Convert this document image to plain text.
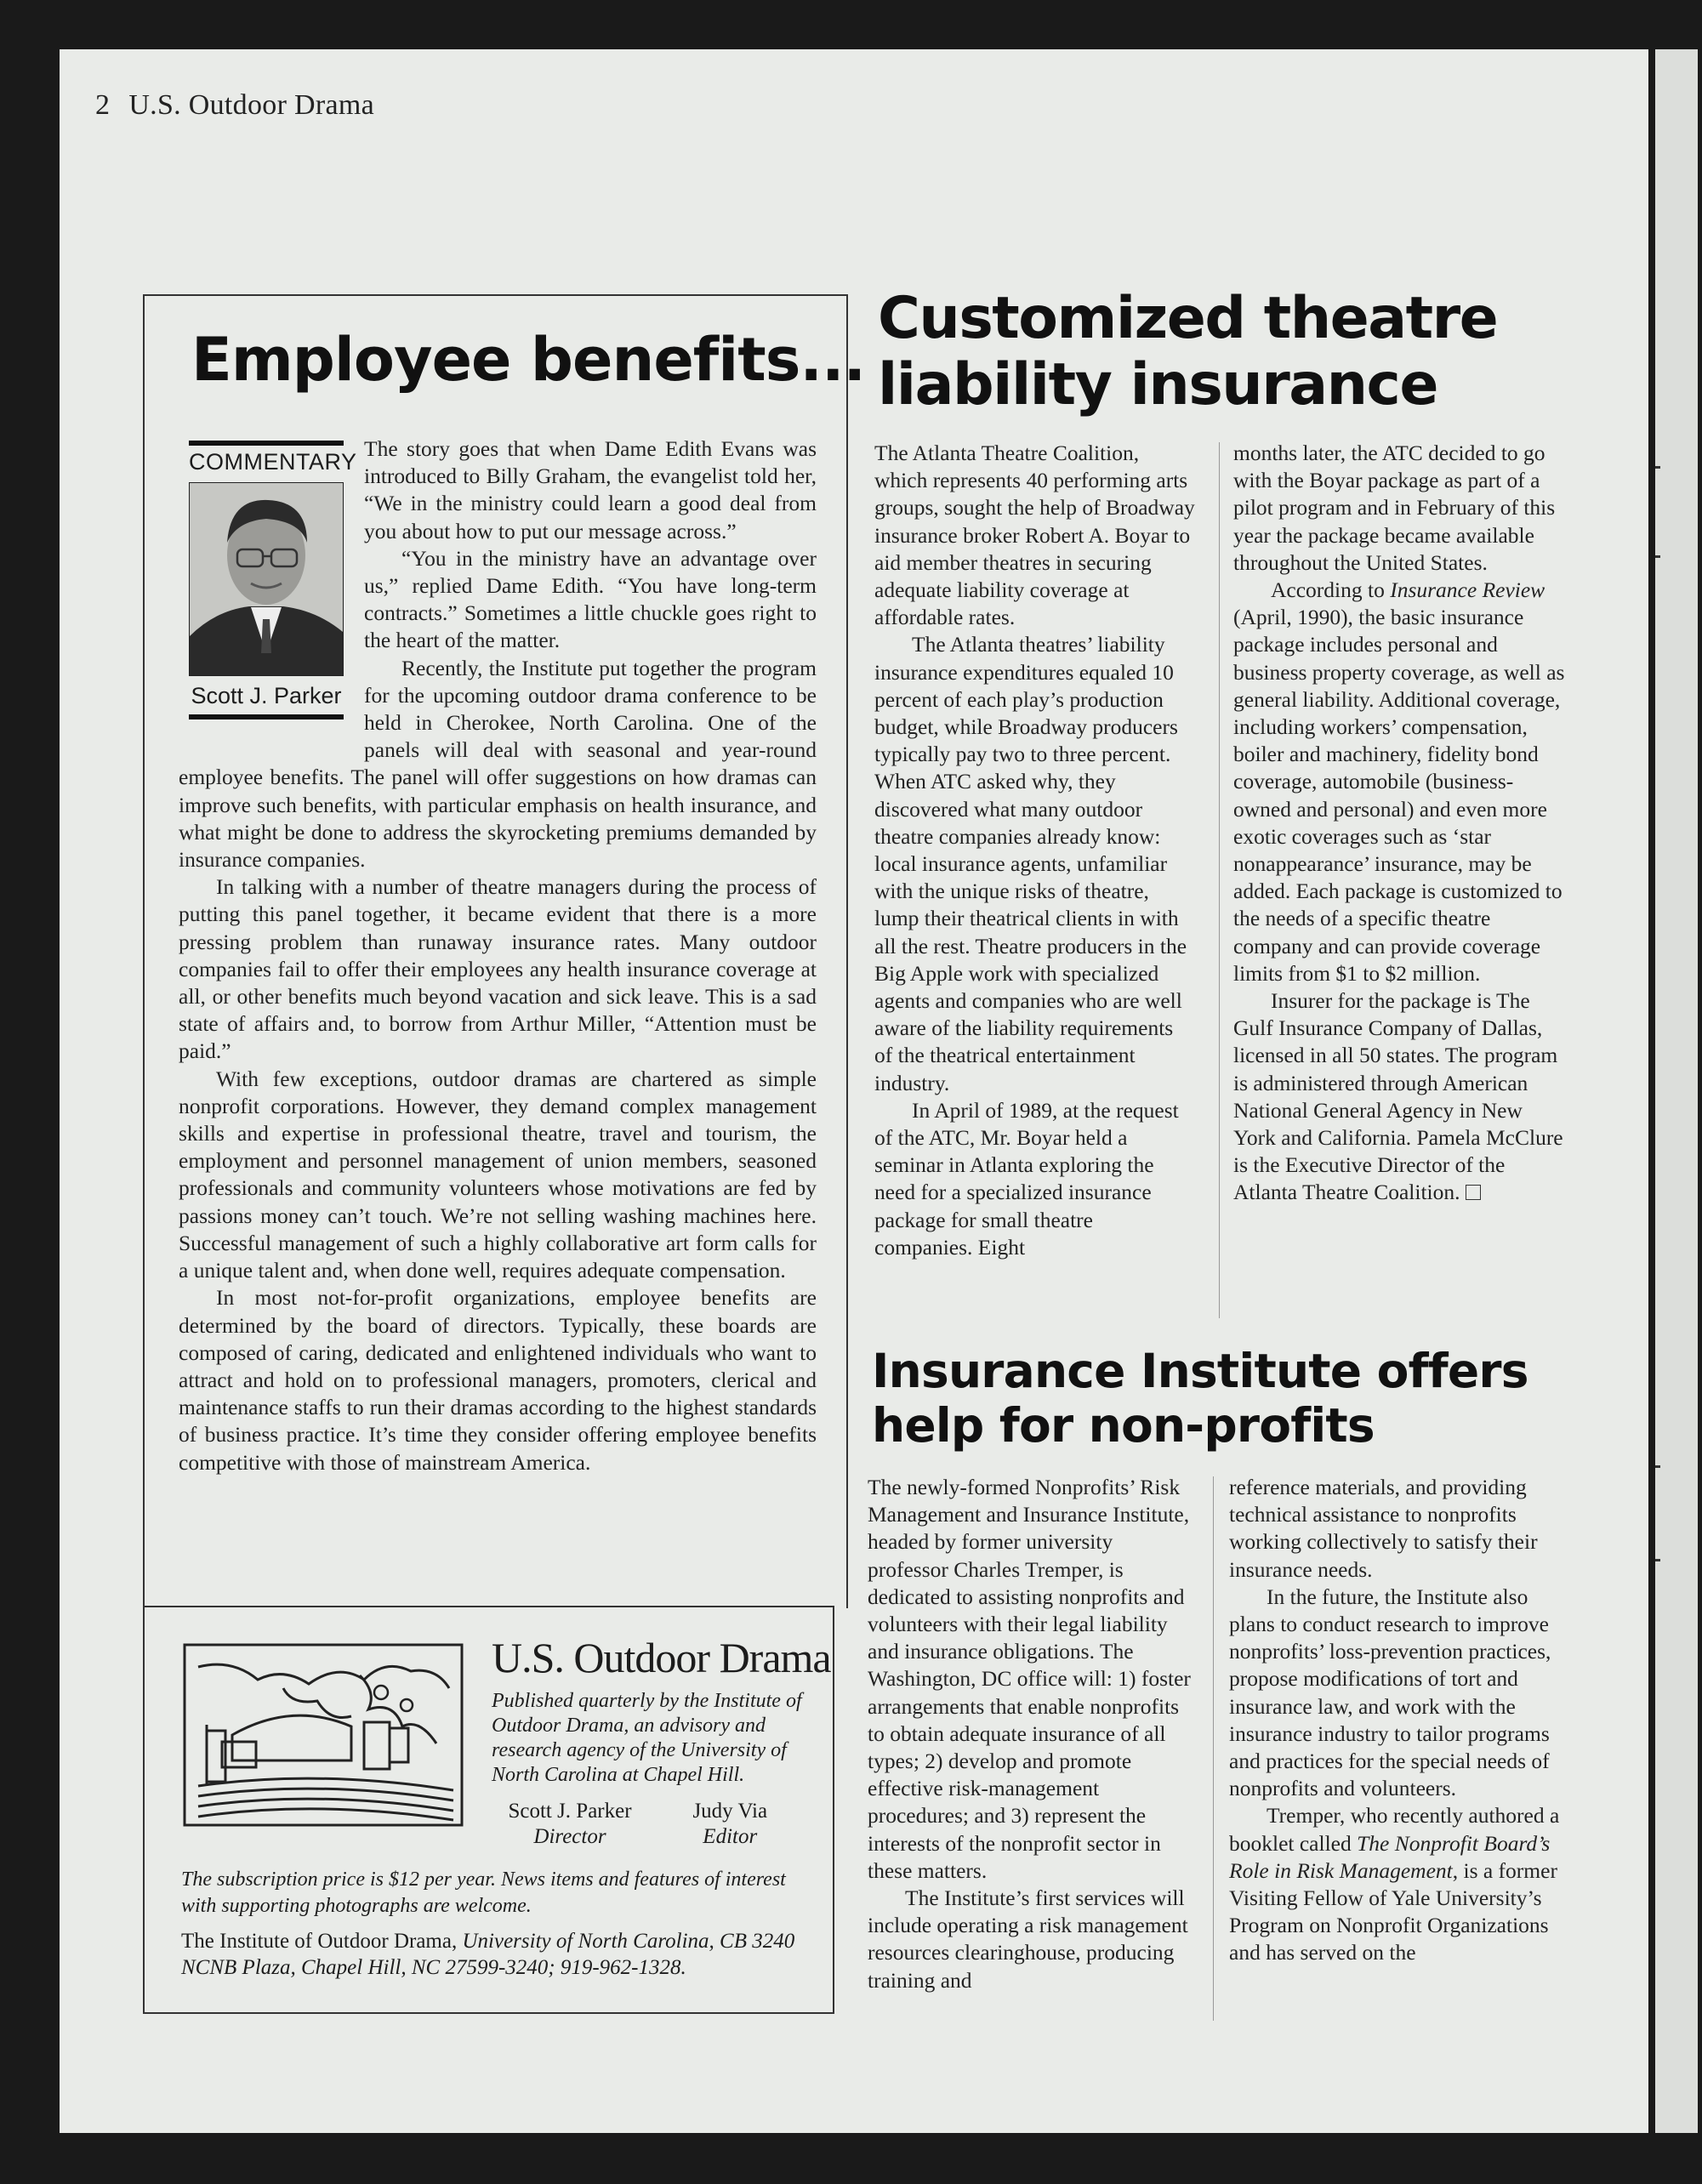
2 U.S. Outdoor Drama
Employee benefits...
COMMENTARY
Scott J. Parker

The story goes that when Dame Edith Evans was introduced to Billy Graham, the evangelist told her, “We in the ministry could learn a good deal from you about how to put our message across.”

“You in the ministry have an advantage over us,” replied Dame Edith. “You have long-term contracts.” Sometimes a little chuckle goes right to the heart of the matter.

Recently, the Institute put together the program for the upcoming outdoor drama conference to be held in Cherokee, North Carolina. One of the panels will deal with seasonal and year-round employee benefits. The panel will offer suggestions on how dramas can improve such benefits, with particular emphasis on health insurance, and what might be done to address the skyrocketing premiums demanded by insurance companies.

In talking with a number of theatre managers during the process of putting this panel together, it became evident that there is a more pressing problem than runaway insurance rates. Many outdoor companies fail to offer their employees any health insurance coverage at all, or other benefits much beyond vacation and sick leave. This is a sad state of affairs and, to borrow from Arthur Miller, “Attention must be paid.”

With few exceptions, outdoor dramas are chartered as simple nonprofit corporations. However, they demand complex management skills and expertise in professional theatre, travel and tourism, the employment and personnel management of union members, seasoned professionals and community volunteers whose motivations are fed by passions money can’t touch. We’re not selling washing machines here. Successful management of such a highly collaborative art form calls for a unique talent and, when done well, requires adequate compensation.

In most not-for-profit organizations, employee benefits are determined by the board of directors. Typically, these boards are composed of caring, dedicated and enlightened individuals who want to attract and hold on to professional managers, promoters, clerical and maintenance staffs to run their dramas according to the highest standards of business practice. It’s time they consider offering employee benefits competitive with those of mainstream America.

U.S. Outdoor Drama
Published quarterly by the Institute of Outdoor Drama, an advisory and research agency of the University of North Carolina at Chapel Hill.
Scott J. Parker
Director

Judy Via
Editor
The subscription price is $12 per year. News items and features of interest with supporting photographs are welcome.
The Institute of Outdoor Drama, University of North Carolina, CB 3240 NCNB Plaza, Chapel Hill, NC 27599-3240; 919-962-1328.
Customized theatre liability insurance

The Atlanta Theatre Coalition, which represents 40 performing arts groups, sought the help of Broadway insurance broker Robert A. Boyar to aid member theatres in securing adequate liability coverage at affordable rates.

The Atlanta theatres’ liability insurance expenditures equaled 10 percent of each play’s production budget, while Broadway producers typically pay two to three percent. When ATC asked why, they discovered what many outdoor theatre companies already know: local insurance agents, unfamiliar with the unique risks of theatre, lump their theatrical clients in with all the rest. Theatre producers in the Big Apple work with specialized agents and companies who are well aware of the liability requirements of the theatrical entertainment industry.

In April of 1989, at the request of the ATC, Mr. Boyar held a seminar in Atlanta exploring the need for a specialized insurance package for small theatre companies. Eight

months later, the ATC decided to go with the Boyar package as part of a pilot program and in February of this year the package became available throughout the United States.

According to Insurance Review (April, 1990), the basic insurance package includes personal and business property coverage, as well as general liability. Additional coverage, including workers’ compensation, boiler and machinery, fidelity bond coverage, automobile (business-owned and personal) and even more exotic coverages such as ‘star nonappearance’ insurance, may be added. Each package is customized to the needs of a specific theatre company and can provide coverage limits from $1 to $2 million.

Insurer for the package is The Gulf Insurance Company of Dallas, licensed in all 50 states. The program is administered through American National General Agency in New York and California. Pamela McClure is the Executive Director of the Atlanta Theatre Coalition.

Insurance Institute offers help for non-profits

The newly-formed Nonprofits’ Risk Management and Insurance Institute, headed by former university professor Charles Tremper, is dedicated to assisting nonprofits and volunteers with their legal liability and insurance obligations. The Washington, DC office will: 1) foster arrangements that enable nonprofits to obtain adequate insurance of all types; 2) develop and promote effective risk-management procedures; and 3) represent the interests of the nonprofit sector in these matters.

The Institute’s first services will include operating a risk management resources clearinghouse, producing training and

reference materials, and providing technical assistance to nonprofits working collectively to satisfy their insurance needs.

In the future, the Institute also plans to conduct research to improve nonprofits’ loss-prevention practices, propose modifications of tort and insurance law, and work with the insurance industry to tailor programs and practices for the special needs of nonprofits and volunteers.

Tremper, who recently authored a booklet called The Nonprofit Board’s Role in Risk Management, is a former Visiting Fellow of Yale University’s Program on Nonprofit Organizations and has served on the
